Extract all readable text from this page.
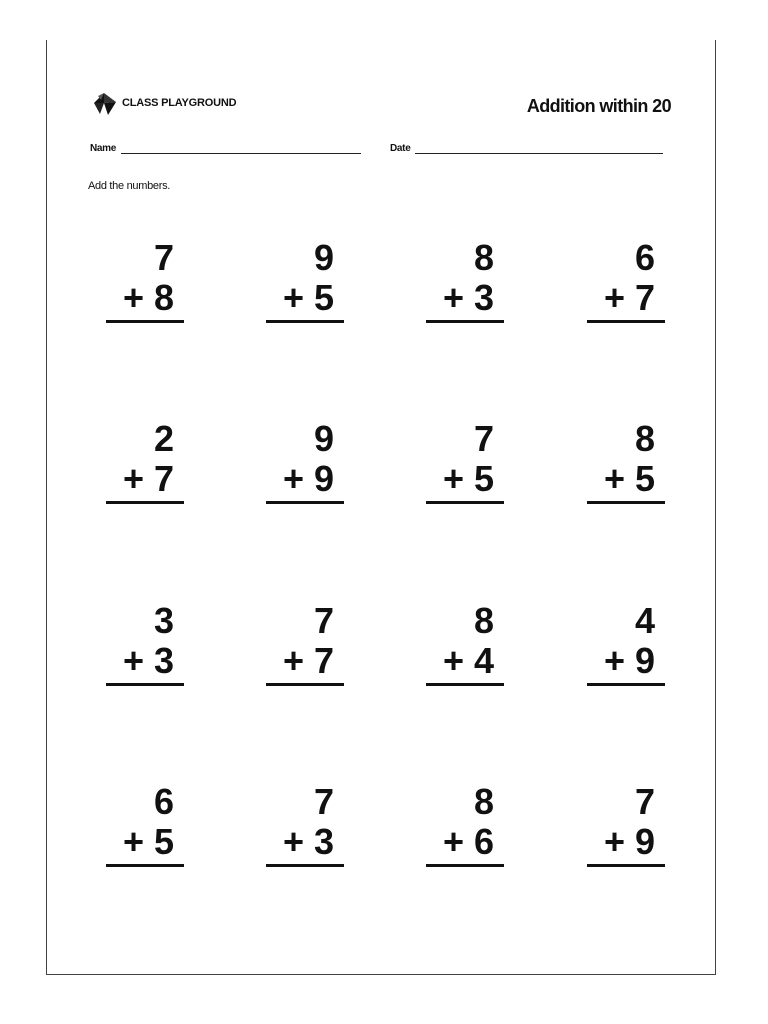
CLASS PLAYGROUND	Addition within 20
Name	Date
Add the numbers.
7
+ 8
9
+ 5
8
+ 3
6
+ 7
2
+ 7
9
+ 9
7
+ 5
8
+ 5
3
+ 3
7
+ 7
8
+ 4
4
+ 9
6
+ 5
7
+ 3
8
+ 6
7
+ 9
